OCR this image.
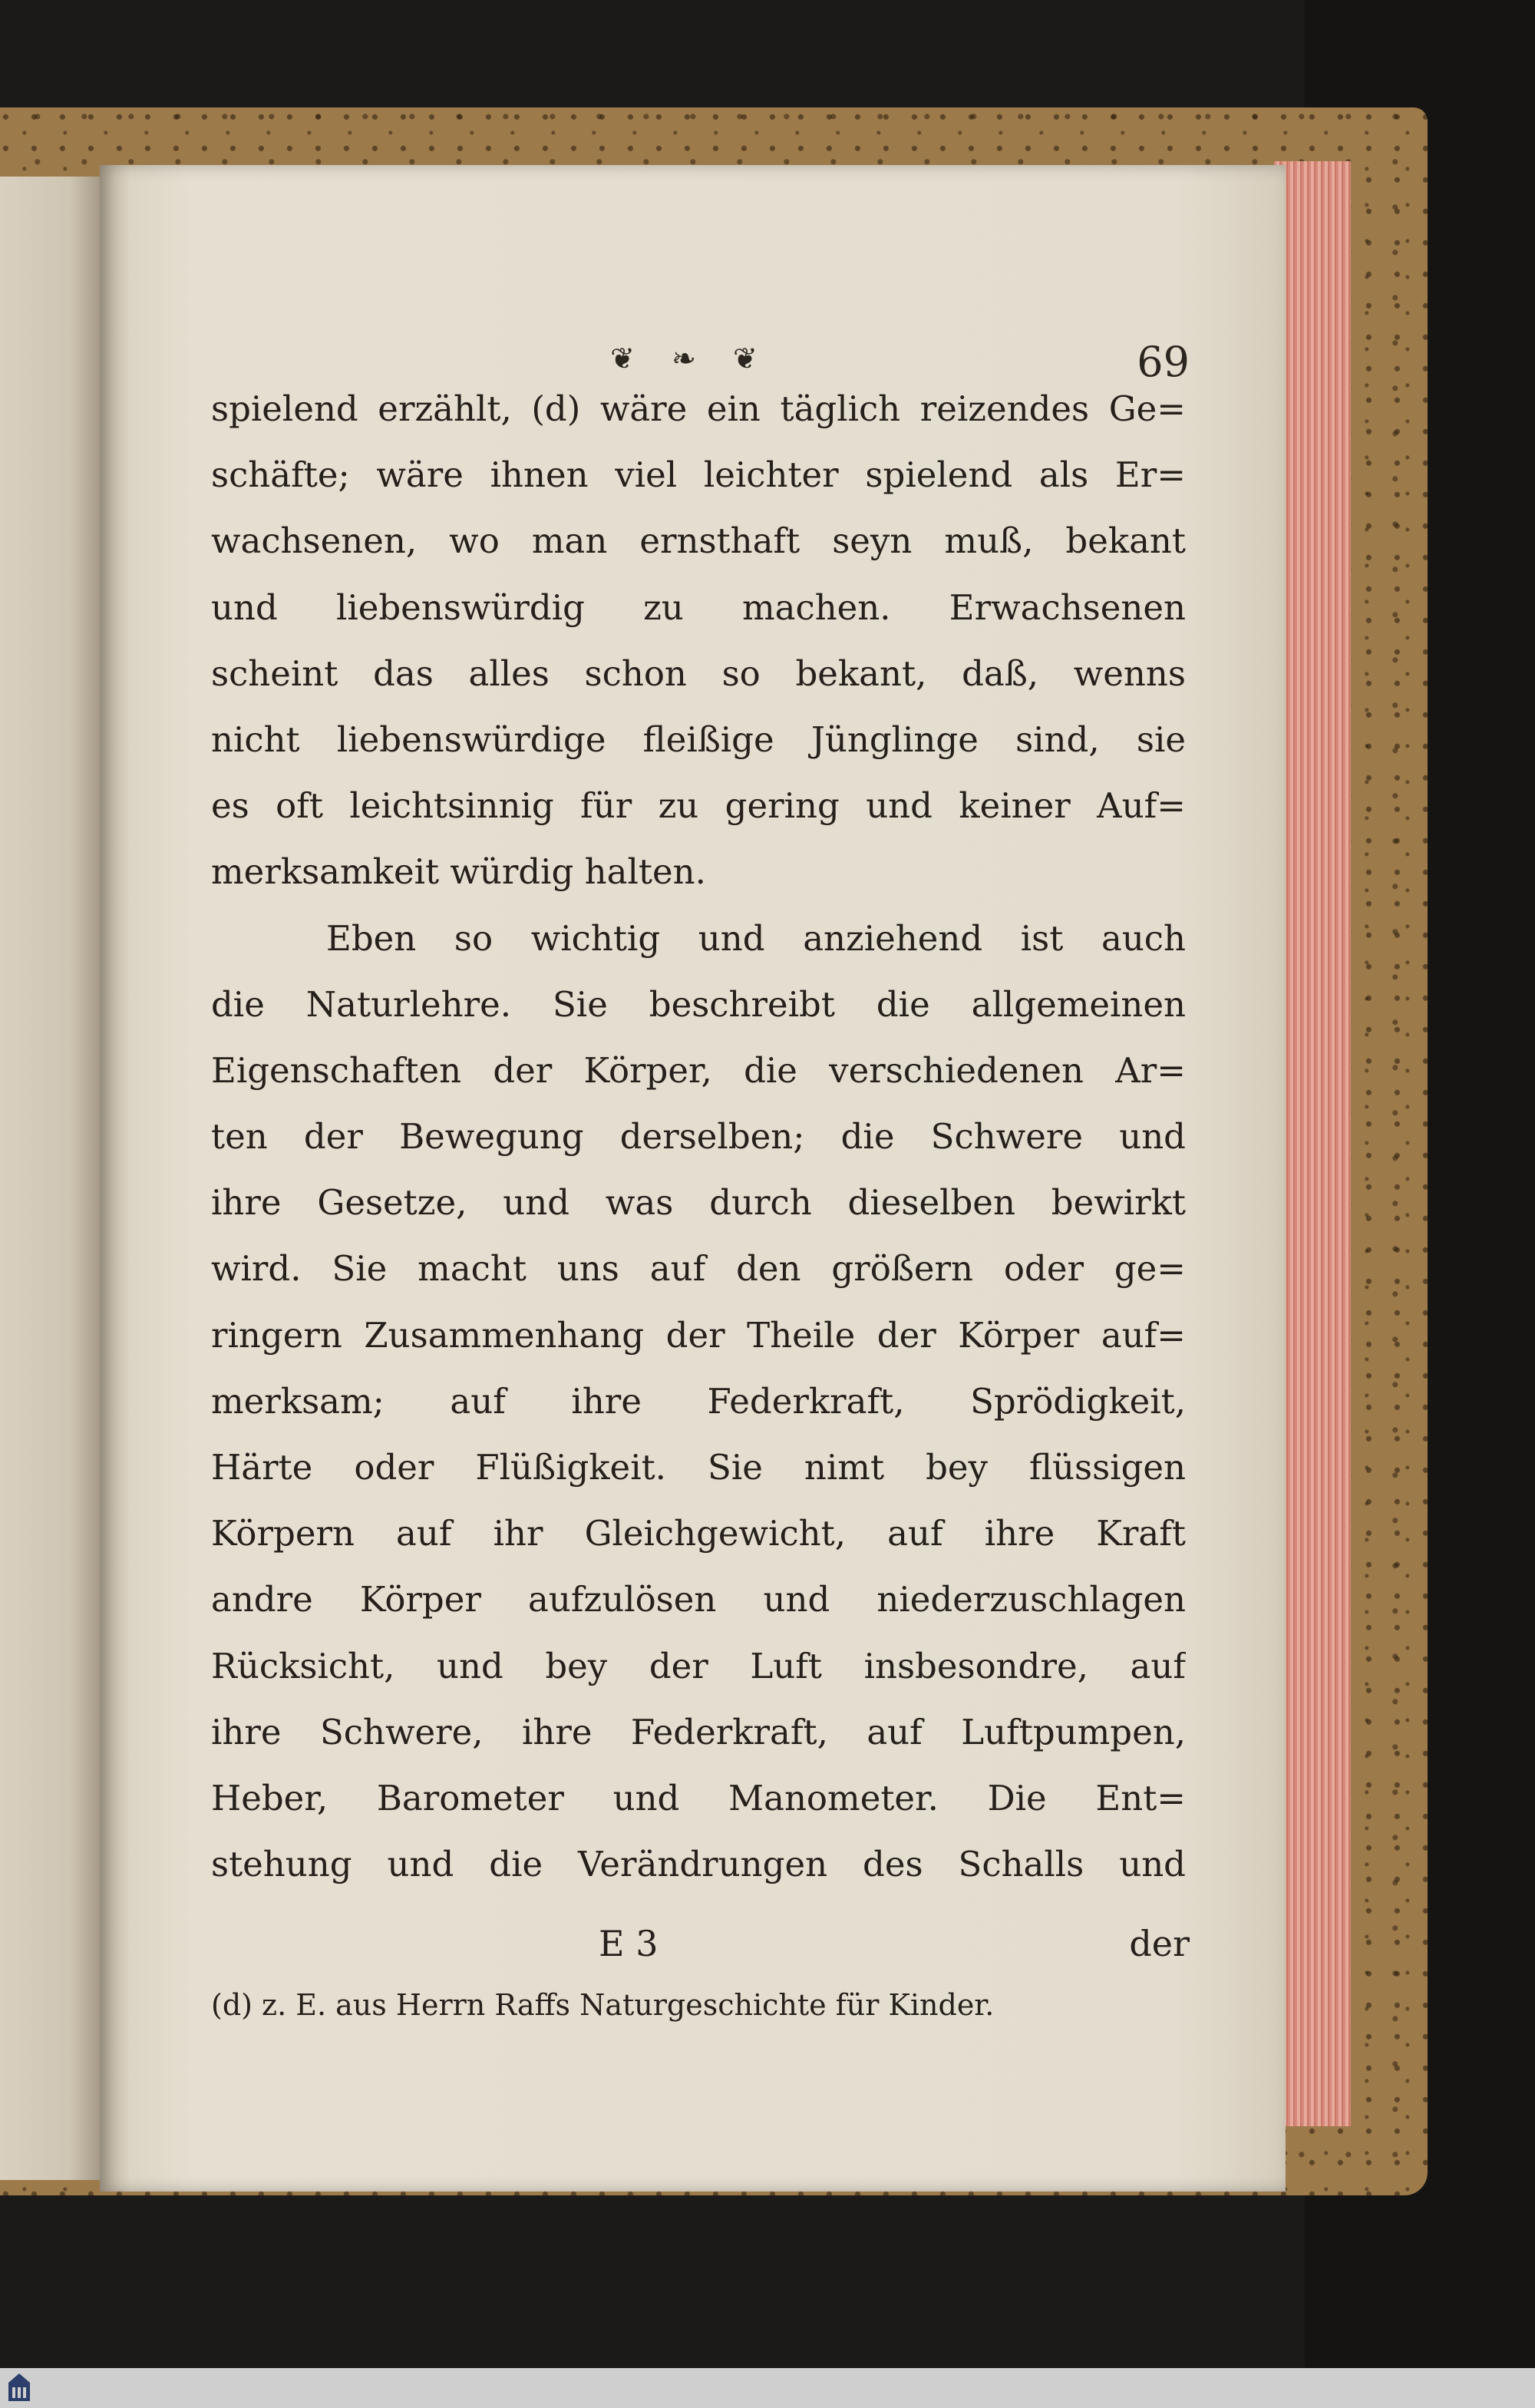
❦ ❧ ❦	69
spielend erzählt, (d) wäre ein täglich reizendes Ge=
schäfte; wäre ihnen viel leichter spielend als Er=
wachsenen, wo man ernsthaft seyn muß, bekant
und liebenswürdig zu machen. Erwachsenen
scheint das alles schon so bekant, daß, wenns
nicht liebenswürdige fleißige Jünglinge sind, sie
es oft leichtsinnig für zu gering und keiner Auf=
merksamkeit würdig halten.
Eben so wichtig und anziehend ist auch
die Naturlehre. Sie beschreibt die allgemeinen
Eigenschaften der Körper, die verschiedenen Ar=
ten der Bewegung derselben; die Schwere und
ihre Gesetze, und was durch dieselben bewirkt
wird. Sie macht uns auf den größern oder ge=
ringern Zusammenhang der Theile der Körper auf=
merksam; auf ihre Federkraft, Sprödigkeit,
Härte oder Flüßigkeit. Sie nimt bey flüssigen
Körpern auf ihr Gleichgewicht, auf ihre Kraft
andre Körper aufzulösen und niederzuschlagen
Rücksicht, und bey der Luft insbesondre, auf
ihre Schwere, ihre Federkraft, auf Luftpumpen,
Heber, Barometer und Manometer. Die Ent=
stehung und die Verändrungen des Schalls und
E 3	der
(d) z. E. aus Herrn Raffs Naturgeschichte für Kinder.
